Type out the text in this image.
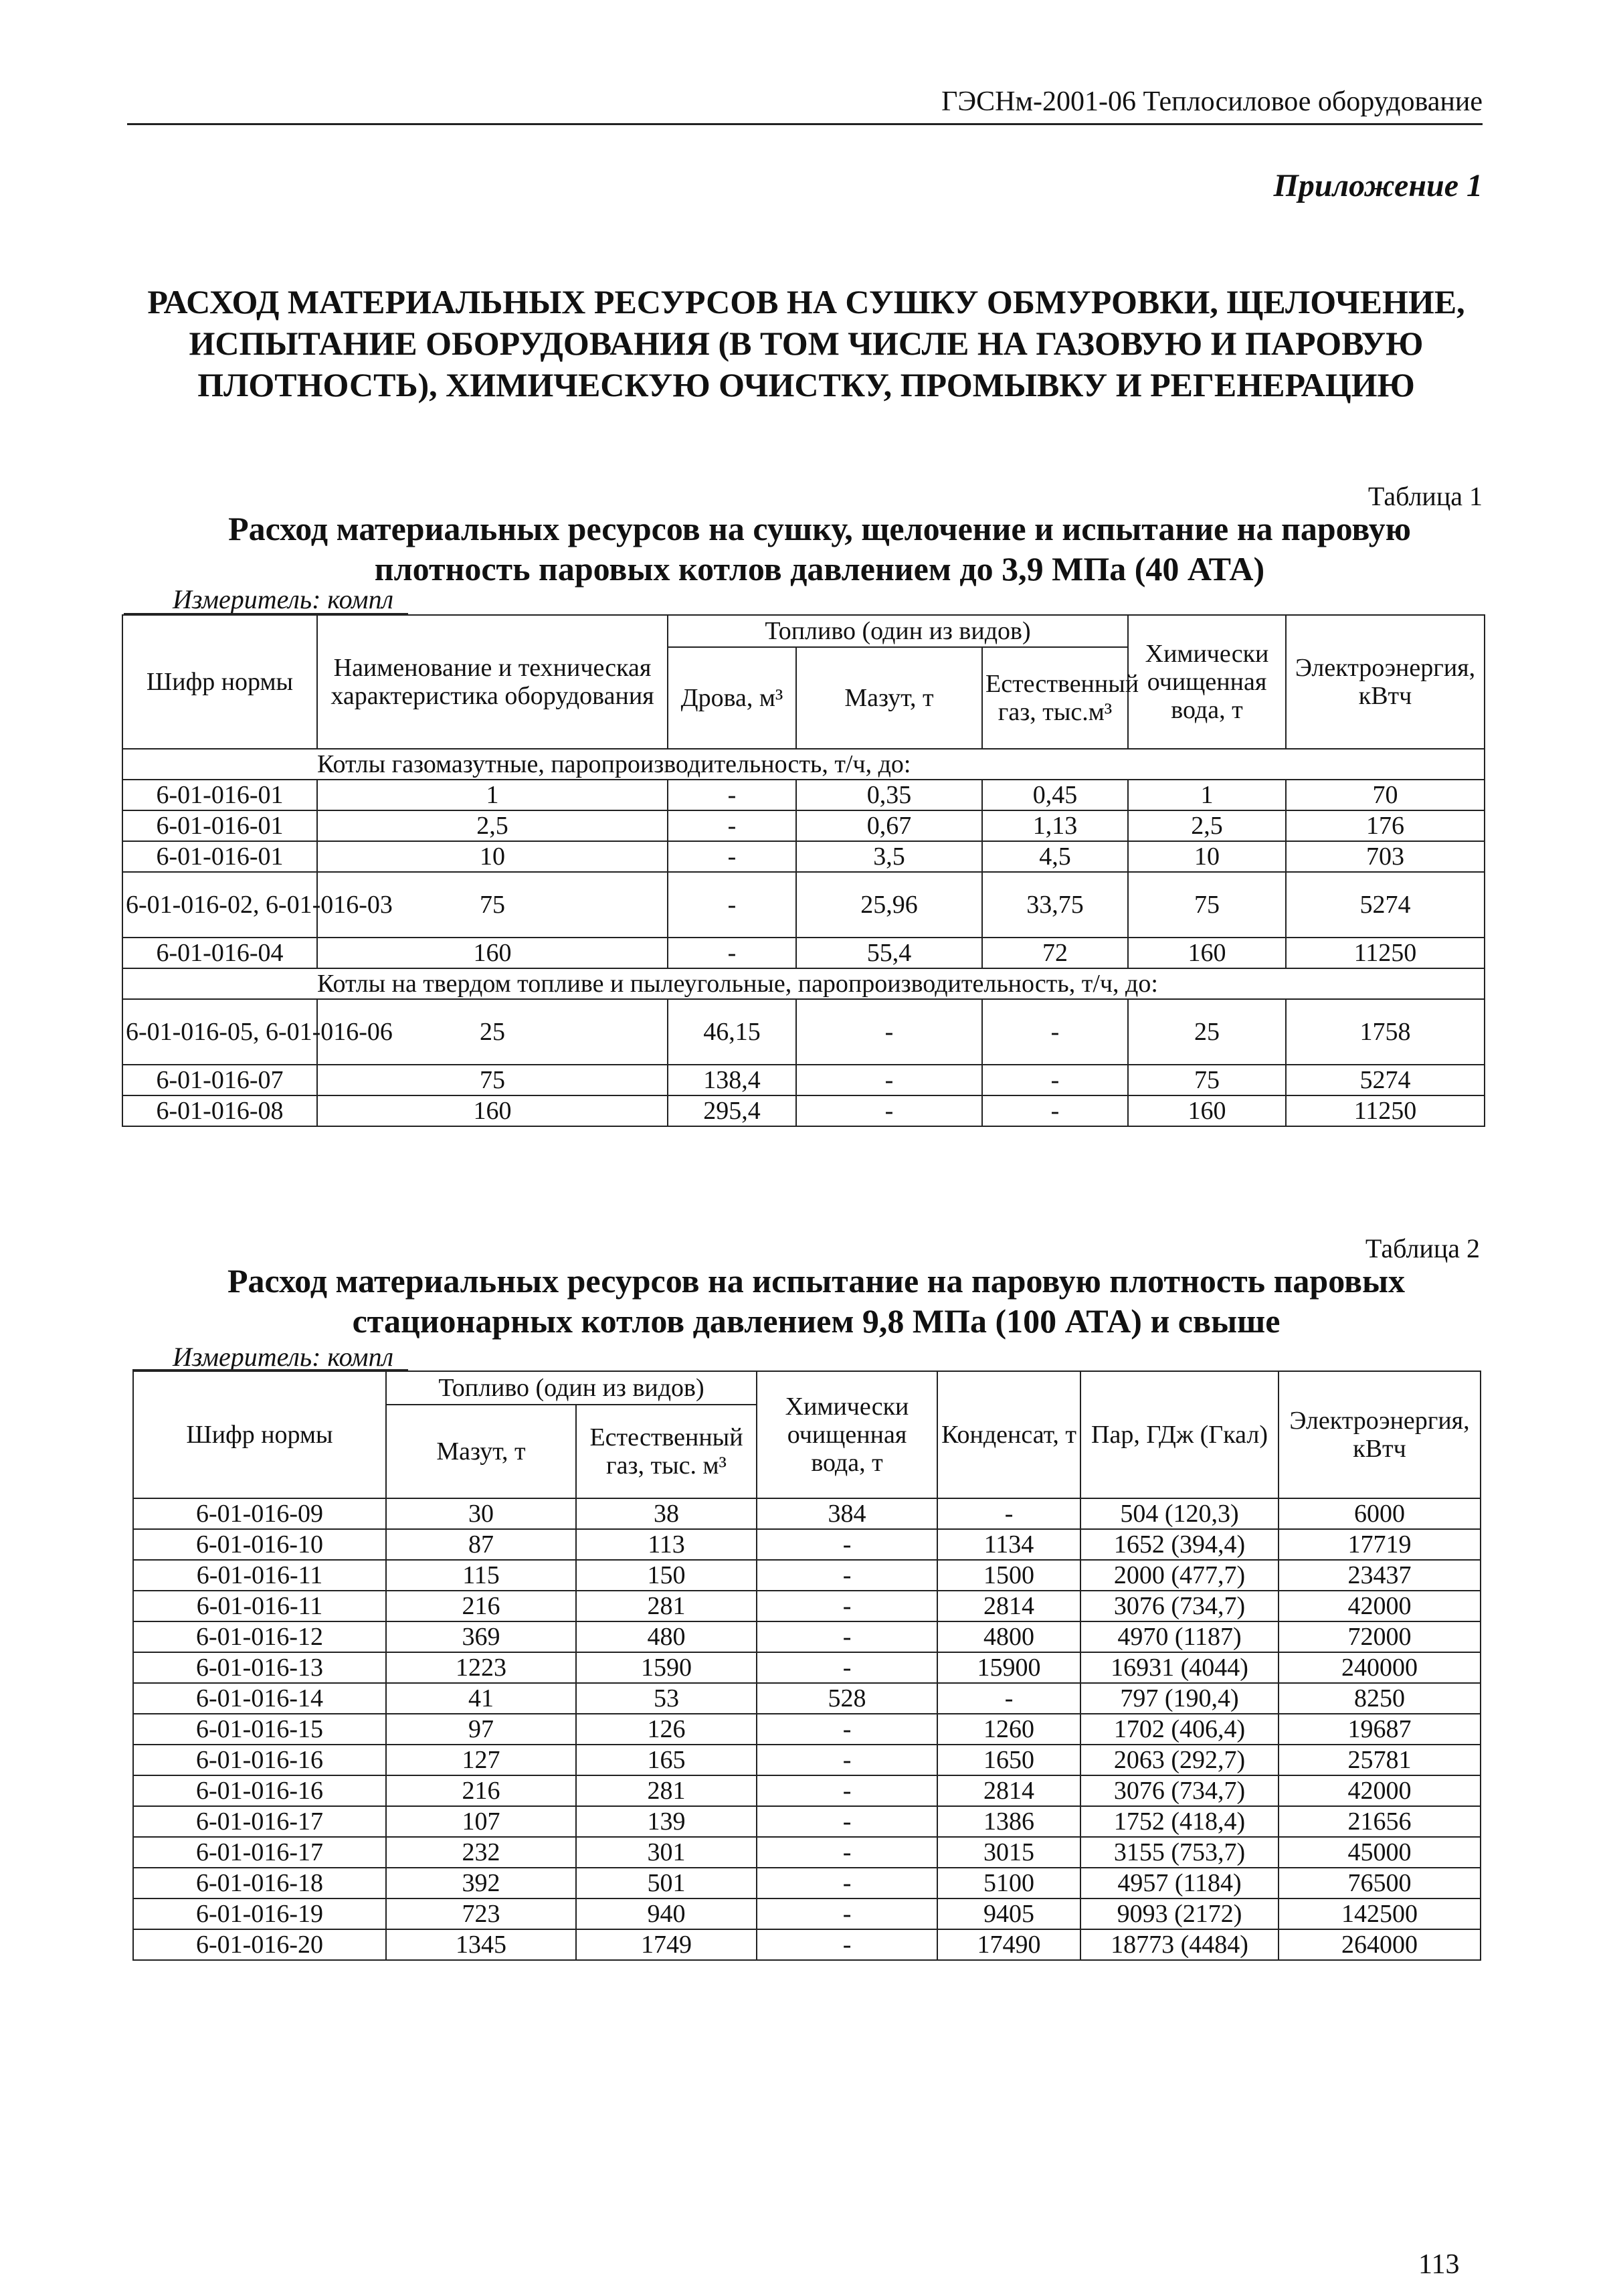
ГЭСНм-2001-06 Теплосиловое оборудование
Приложение 1
РАСХОД МАТЕРИАЛЬНЫХ РЕСУРСОВ НА СУШКУ ОБМУРОВКИ, ЩЕЛОЧЕНИЕ, ИСПЫТАНИЕ ОБОРУДОВАНИЯ (В ТОМ ЧИСЛЕ НА ГАЗОВУЮ И ПАРОВУЮ ПЛОТНОСТЬ), ХИМИЧЕСКУЮ ОЧИСТКУ, ПРОМЫВКУ И РЕГЕНЕРАЦИЮ
Таблица 1
Расход материальных ресурсов на сушку, щелочение и испытание на паровую плотность паровых котлов давлением до 3,9 МПа (40 АТА)
Измеритель: компл
Шифр нормы	Наименование и техническая характеристика оборудования	Топливо (один из видов)			Химически очищенная вода, т	Электроэнергия, кВтч
		Дрова, м³	Мазут, т	Естественный газ, тыс.м³		
Котлы газомазутные, паропроизводительность, т/ч, до:						
6-01-016-01	1	-	0,35	0,45	1	70
6-01-016-01	2,5	-	0,67	1,13	2,5	176
6-01-016-01	10	-	3,5	4,5	10	703
6-01-016-02, 6-01-016-03	75	-	25,96	33,75	75	5274
6-01-016-04	160	-	55,4	72	160	11250
Котлы на твердом топливе и пылеугольные, паропроизводительность, т/ч, до:						
6-01-016-05, 6-01-016-06	25	46,15	-	-	25	1758
6-01-016-07	75	138,4	-	-	75	5274
6-01-016-08	160	295,4	-	-	160	11250
Таблица 2
Расход материальных ресурсов на испытание на паровую плотность паровых стационарных котлов давлением 9,8 МПа (100 АТА) и свыше
Измеритель: компл
Шифр нормы	Топливо (один из видов)		Химически очищенная вода, т	Конденсат, т	Пар, ГДж (Гкал)	Электроэнергия, кВтч
	Мазут, т	Естественный газ, тыс. м³				
6-01-016-09	30	38	384	-	504 (120,3)	6000
6-01-016-10	87	113	-	1134	1652 (394,4)	17719
6-01-016-11	115	150	-	1500	2000 (477,7)	23437
6-01-016-11	216	281	-	2814	3076 (734,7)	42000
6-01-016-12	369	480	-	4800	4970 (1187)	72000
6-01-016-13	1223	1590	-	15900	16931 (4044)	240000
6-01-016-14	41	53	528	-	797 (190,4)	8250
6-01-016-15	97	126	-	1260	1702 (406,4)	19687
6-01-016-16	127	165	-	1650	2063 (292,7)	25781
6-01-016-16	216	281	-	2814	3076 (734,7)	42000
6-01-016-17	107	139	-	1386	1752 (418,4)	21656
6-01-016-17	232	301	-	3015	3155 (753,7)	45000
6-01-016-18	392	501	-	5100	4957 (1184)	76500
6-01-016-19	723	940	-	9405	9093 (2172)	142500
6-01-016-20	1345	1749	-	17490	18773 (4484)	264000
113
